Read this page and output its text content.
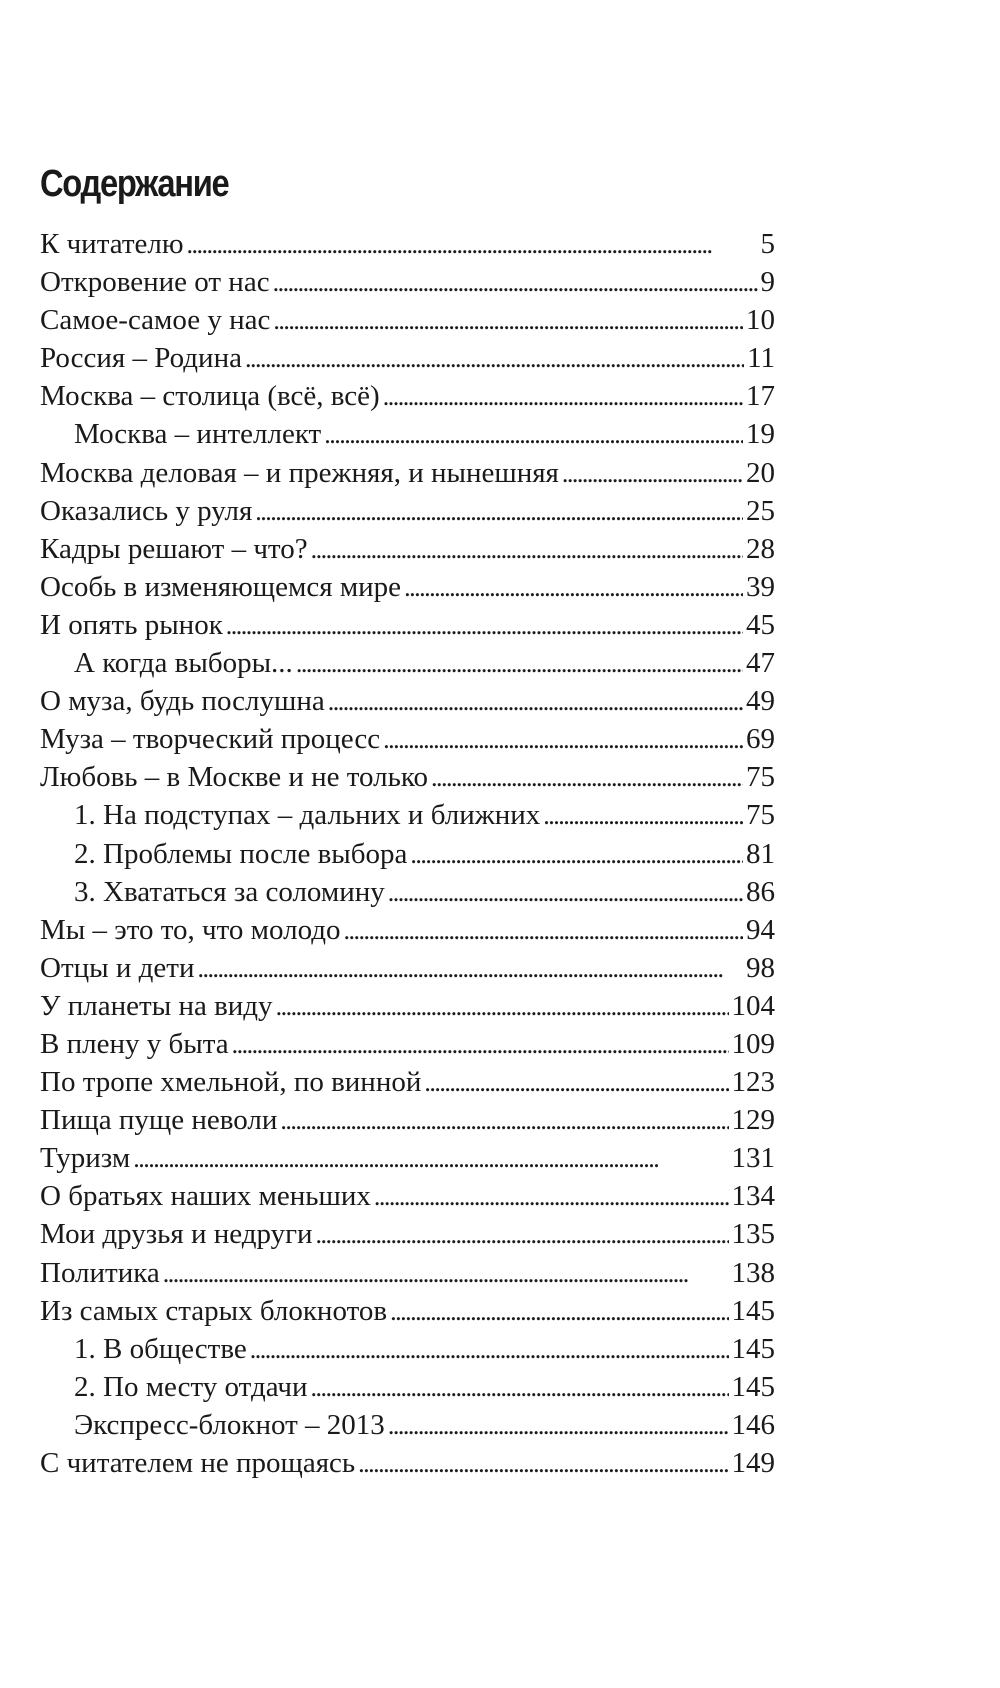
Содержание
К читателю . . .	5
Откровение от нас . . .	9
Самое-самое у нас . . .	10
Россия – Родина . . .	11
Москва – столица (всё, всё) . . .	17
Москва – интеллект . . .	19
Москва деловая – и прежняя, и нынешняя . . .	20
Оказались у руля . . .	25
Кадры решают – что? . . .	28
Особь в изменяющемся мире . . .	39
И опять рынок . . .	45
А когда выборы... . . .	47
О муза, будь послушна . . .	49
Муза – творческий процесс . . .	69
Любовь – в Москве и не только . . .	75
1. На подступах – дальних и ближних . . .	75
2. Проблемы после выбора . . .	81
3. Хвататься за соломину . . .	86
Мы – это то, что молодо . . .	94
Отцы и дети . . .	98
У планеты на виду . . .	104
В плену у быта . . .	109
По тропе хмельной, по винной . . .	123
Пища пуще неволи . . .	129
Туризм . . .	131
О братьях наших меньших . . .	134
Мои друзья и недруги . . .	135
Политика . . .	138
Из самых старых блокнотов . . .	145
1. В обществе . . .	145
2. По месту отдачи . . .	145
Экспресс-блокнот – 2013 . . .	146
С читателем не прощаясь . . .	149
